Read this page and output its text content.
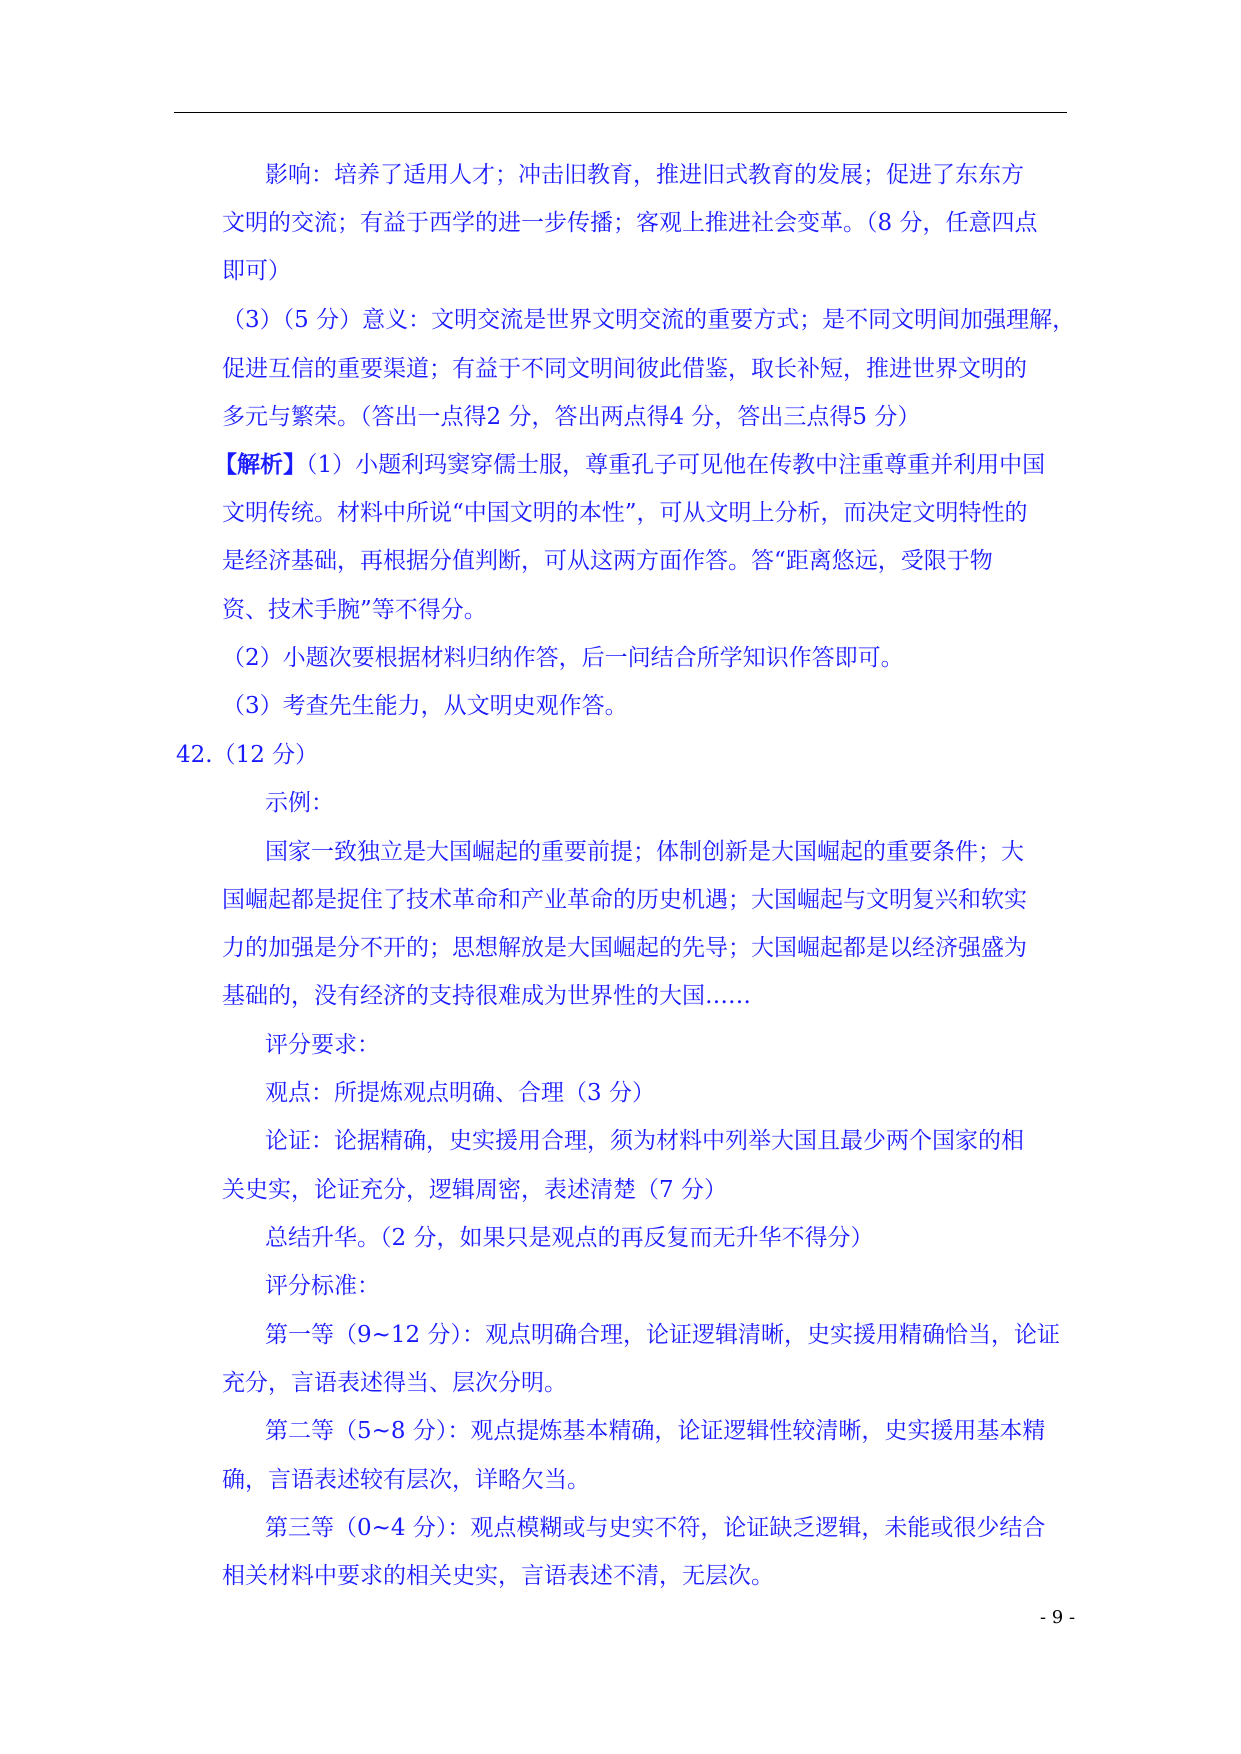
影响：培养了适用人才；冲击旧教育，推进旧式教育的发展；促进了东东方
文明的交流；有益于西学的进一步传播；客观上推进社会变革。（8 分，任意四点
即可）
（3）（5 分）意义：文明交流是世界文明交流的重要方式；是不同文明间加强理解，
促进互信的重要渠道；有益于不同文明间彼此借鉴，取长补短，推进世界文明的
多元与繁荣。（答出一点得2 分，答出两点得4 分，答出三点得5 分）
【解析】（1）小题利玛窦穿儒士服，尊重孔子可见他在传教中注重尊重并利用中国
文明传统。材料中所说“中国文明的本性”，可从文明上分析，而决定文明特性的
是经济基础，再根据分值判断，可从这两方面作答。答“距离悠远，受限于物
资、技术手腕”等不得分。
（2）小题次要根据材料归纳作答，后一问结合所学知识作答即可。
（3）考查先生能力，从文明史观作答。
42.（12 分）
示例：
国家一致独立是大国崛起的重要前提；体制创新是大国崛起的重要条件；大
国崛起都是捉住了技术革命和产业革命的历史机遇；大国崛起与文明复兴和软实
力的加强是分不开的；思想解放是大国崛起的先导；大国崛起都是以经济强盛为
基础的，没有经济的支持很难成为世界性的大国……
评分要求：
观点：所提炼观点明确、合理（3 分）
论证：论据精确，史实援用合理，须为材料中列举大国且最少两个国家的相
关史实，论证充分，逻辑周密，表述清楚（7 分）
总结升华。（2 分，如果只是观点的再反复而无升华不得分）
评分标准：
第一等（9~12 分）：观点明确合理，论证逻辑清晰，史实援用精确恰当，论证
充分，言语表述得当、层次分明。
第二等（5~8 分）：观点提炼基本精确，论证逻辑性较清晰，史实援用基本精
确，言语表述较有层次，详略欠当。
第三等（0~4 分）：观点模糊或与史实不符，论证缺乏逻辑，未能或很少结合
相关材料中要求的相关史实，言语表述不清，无层次。
- 9 -
